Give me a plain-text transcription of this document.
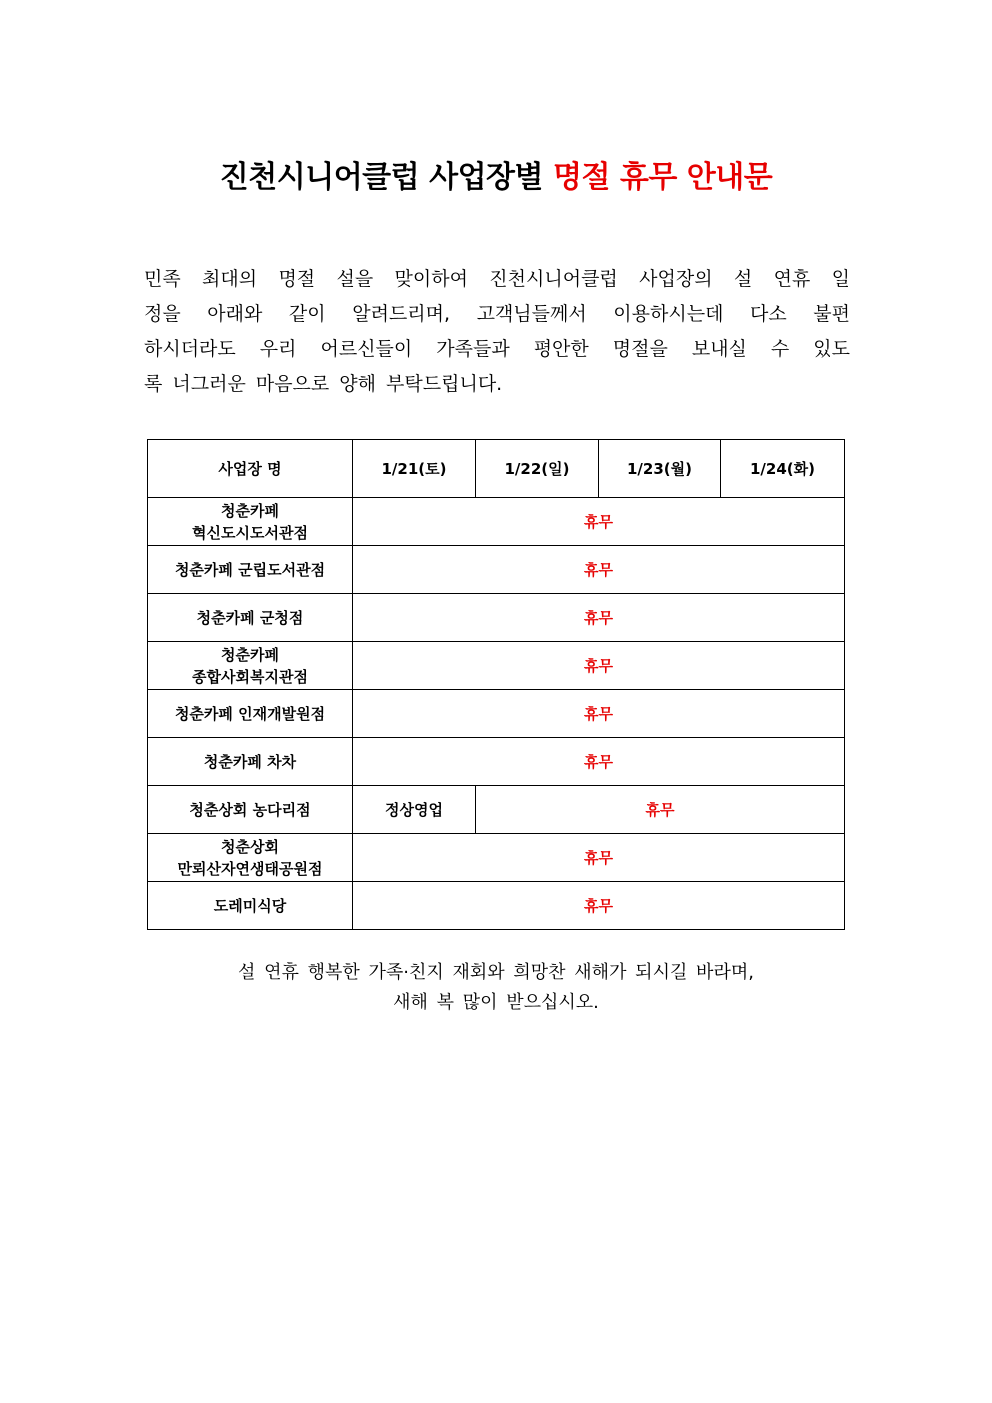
진천시니어클럽 사업장별 명절 휴무 안내문
민족 최대의 명절 설을 맞이하여 진천시니어클럽 사업장의 설 연휴 일
정을 아래와 같이 알려드리며, 고객님들께서 이용하시는데 다소 불편
하시더라도 우리 어르신들이 가족들과 평안한 명절을 보내실 수 있도
록 너그러운 마음으로 양해 부탁드립니다.
사업장 명	1/21(토)	1/22(일)	1/23(월)	1/24(화)

청춘카페
혁신도시도서관점	휴무			

청춘카페 군립도서관점	휴무			

청춘카페 군청점	휴무			

청춘카페
종합사회복지관점	휴무			

청춘카페 인재개발원점	휴무			

청춘카페 차차	휴무			

청춘상회 농다리점	정상영업	휴무		

청춘상회
만뢰산자연생태공원점	휴무			

도레미식당	휴무			
설 연휴 행복한 가족·친지 재회와 희망찬 새해가 되시길 바라며,
새해 복 많이 받으십시오.
